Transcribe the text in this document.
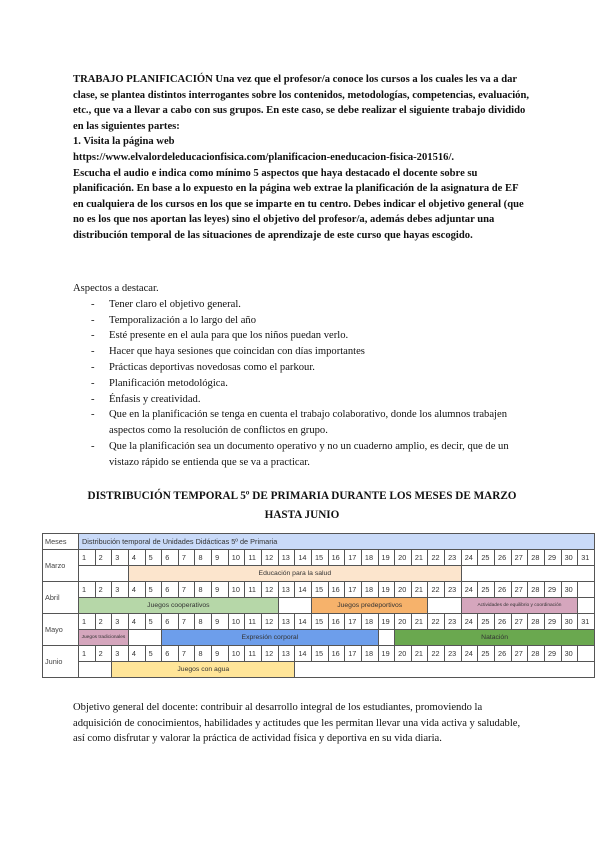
TRABAJO PLANIFICACIÓN Una vez que el profesor/a conoce los cursos a los cuales les va a dar clase, se plantea distintos interrogantes sobre los contenidos, metodologías, competencias, evaluación, etc., que va a llevar a cabo con sus grupos. En este caso, se debe realizar el siguiente trabajo dividido en las siguientes partes:

1. Visita la página web

https://www.elvalordeleducacionfisica.com/planificacion-eneducacion-fisica-201516/.

Escucha el audio e indica como mínimo 5 aspectos que haya destacado el docente sobre su planificación. En base a lo expuesto en la página web extrae la planificación de la asignatura de EF en cualquiera de los cursos en los que se imparte en tu centro. Debes indicar el objetivo general (que no es los que nos aportan las leyes) sino el objetivo del profesor/a, además debes adjuntar una distribución temporal de las situaciones de aprendizaje de este curso que hayas escogido.

Aspectos a destacar.

- Tener claro el objetivo general.
- Temporalización a lo largo del año
- Esté presente en el aula para que los niños puedan verlo.
- Hacer que haya sesiones que coincidan con días importantes
- Prácticas deportivas novedosas como el parkour.
- Planificación metodológica.
- Énfasis y creatividad.
- Que en la planificación se tenga en cuenta el trabajo colaborativo, donde los alumnos trabajen aspectos como la resolución de conflictos en grupo.
- Que la planificación sea un documento operativo y no un cuaderno amplio, es decir, que de un vistazo rápido se entienda que se va a practicar.
DISTRIBUCIÓN TEMPORAL 5º DE PRIMARIA DURANTE LOS MESES DE MARZO HASTA JUNIO
Meses	Distribución temporal de Unidades Didácticas 5º de Primaria																														
Marzo	1	2	3	4	5	6	7	8	9	10	11	12	13	14	15	16	17	18	19	20	21	22	23	24	25	26	27	28	29	30	31
				Educación para la salud																											
Abril	1	2	3	4	5	6	7	8	9	10	11	12	13	14	15	16	17	18	19	20	21	22	23	24	25	26	27	28	29	30	
	Juegos cooperativos														Juegos predeportivos									Actividades de equilibrio y coordinación							
Mayo	1	2	3	4	5	6	7	8	9	10	11	12	13	14	15	16	17	18	19	20	21	22	23	24	25	26	27	28	29	30	31
	Juegos tradicionales					Expresión corporal														Natación											
Junio	1	2	3	4	5	6	7	8	9	10	11	12	13	14	15	16	17	18	19	20	21	22	23	24	25	26	27	28	29	30	
			Juegos con agua																												

Objetivo general del docente: contribuir al desarrollo integral de los estudiantes, promoviendo la adquisición de conocimientos, habilidades y actitudes que les permitan llevar una vida activa y saludable, así como disfrutar y valorar la práctica de actividad física y deportiva en su vida diaria.
